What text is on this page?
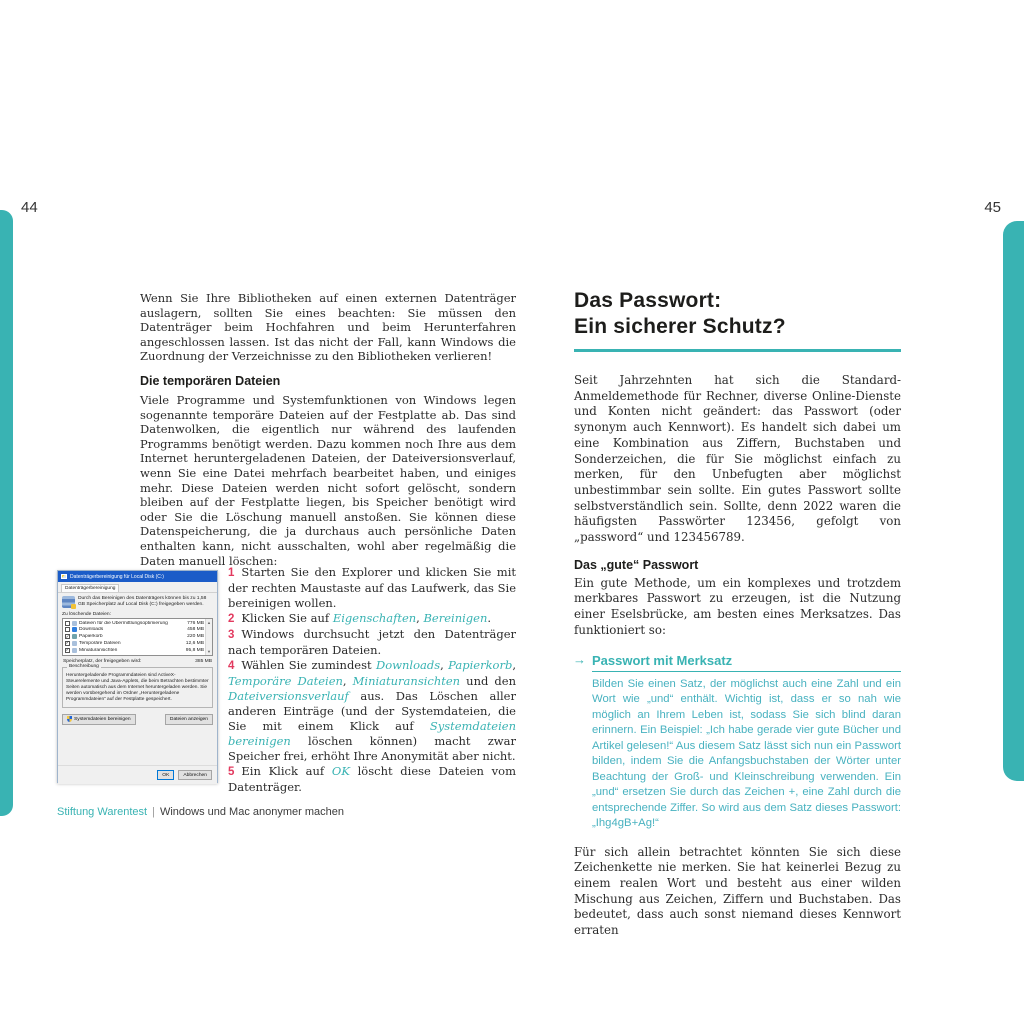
44	45

Wenn Sie Ihre Bibliotheken auf einen externen Datenträger auslagern, sollten Sie eines beachten: Sie müssen den Datenträger beim Hochfahren und beim Herunterfahren angeschlossen lassen. Ist das nicht der Fall, kann Windows die Zuordnung der Verzeichnisse zu den Bibliotheken verlieren!

Die temporären Dateien

Viele Programme und Systemfunktionen von Windows legen sogenannte temporäre Dateien auf der Festplatte ab. Das sind Datenwolken, die eigentlich nur während des laufenden Programms benötigt werden. Dazu kommen noch Ihre aus dem Internet heruntergeladenen Dateien, der Dateiversionsverlauf, wenn Sie eine Datei mehrfach bearbeitet haben, und einiges mehr. Diese Dateien werden nicht sofort gelöscht, sondern bleiben auf der Festplatte liegen, bis Speicher benötigt wird oder Sie die Löschung manuell anstoßen. Sie können diese Datenspeicherung, die ja durchaus auch persönliche Daten enthalten kann, nicht ausschalten, wohl aber regelmäßig die Daten manuell löschen:

Datenträgerbereinigung für Local Disk (C:)
Datenträgerbereinigung
Durch das Bereinigen des Datenträgers können bis zu 1,58 GB Speicherplatz auf Local Disk (C:) freigegeben werden.
Zu löschende Dateien:
Dateien für die Übermittlungsoptimierung	776 MB
Downloads	458 MB
✓ Papierkorb	220 MB
✓ Temporäre Dateien	12,6 MB
✓ Miniaturansichten	95,8 MB
▲
▼
Speicherplatz, der freigegeben wird:	385 MB
Beschreibung
Heruntergeladende Programmdateien sind ActiveX-Steuerelemente und Java-Applets, die beim Betrachten bestimmter Seiten automatisch aus dem Internet heruntergeladen werden. Sie werden vorübergehend im Ordner „Heruntergeladene Programmdateien“ auf der Festplatte gespeichert.
Systemdateien bereinigen	Dateien anzeigen
OK	Abbrechen

1 Starten Sie den Explorer und klicken Sie mit der rechten Maustaste auf das Laufwerk, das Sie bereinigen wollen.

2 Klicken Sie auf Eigenschaften, Bereinigen.

3 Windows durchsucht jetzt den Datenträger nach temporären Dateien.

4 Wählen Sie zumindest Downloads, Papierkorb, Temporäre Dateien, Miniaturansichten und den Dateiversionsverlauf aus. Das Löschen aller anderen Einträge (und der Systemdateien, die Sie mit einem Klick auf Systemdateien bereinigen löschen können) macht zwar Speicher frei, erhöht Ihre Anonymität aber nicht.

5 Ein Klick auf OK löscht diese Dateien vom Datenträger.

Stiftung Warentest | Windows und Mac anonymer machen
Das Passwort:
Ein sicherer Schutz?

Seit Jahrzehnten hat sich die Standard-Anmeldemethode für Rechner, diverse Online-Dienste und Konten nicht geändert: das Passwort (oder synonym auch Kennwort). Es handelt sich dabei um eine Kombination aus Ziffern, Buchstaben und Sonderzeichen, die für Sie möglichst einfach zu merken, für den Unbefugten aber möglichst unbestimmbar sein sollte. Ein gutes Passwort sollte selbstverständlich sein. Sollte, denn 2022 waren die häufigsten Passwörter 123456, gefolgt von „password“ und 123456789.

Das „gute“ Passwort

Ein gute Methode, um ein komplexes und trotzdem merkbares Passwort zu erzeugen, ist die Nutzung einer Eselsbrücke, am besten eines Merksatzes. Das funktioniert so:

→ Passwort mit Merksatz

Bilden Sie einen Satz, der möglichst auch eine Zahl und ein Wort wie „und“ enthält. Wichtig ist, dass er so nah wie möglich an Ihrem Leben ist, sodass Sie sich blind daran erinnern. Ein Beispiel: „Ich habe gerade vier gute Bücher und Artikel gelesen!“ Aus diesem Satz lässt sich nun ein Passwort bilden, indem Sie die Anfangsbuchstaben der Wörter unter Beachtung der Groß- und Kleinschreibung verwenden. Ein „und“ ersetzen Sie durch das Zeichen +, eine Zahl durch die entsprechende Ziffer. So wird aus dem Satz dieses Passwort: „Ihg4gB+Ag!“

Für sich allein betrachtet könnten Sie sich diese Zeichenkette nie merken. Sie hat keinerlei Bezug zu einem realen Wort und besteht aus einer wilden Mischung aus Zeichen, Ziffern und Buchstaben. Das bedeutet, dass auch sonst niemand dieses Kennwort erraten
